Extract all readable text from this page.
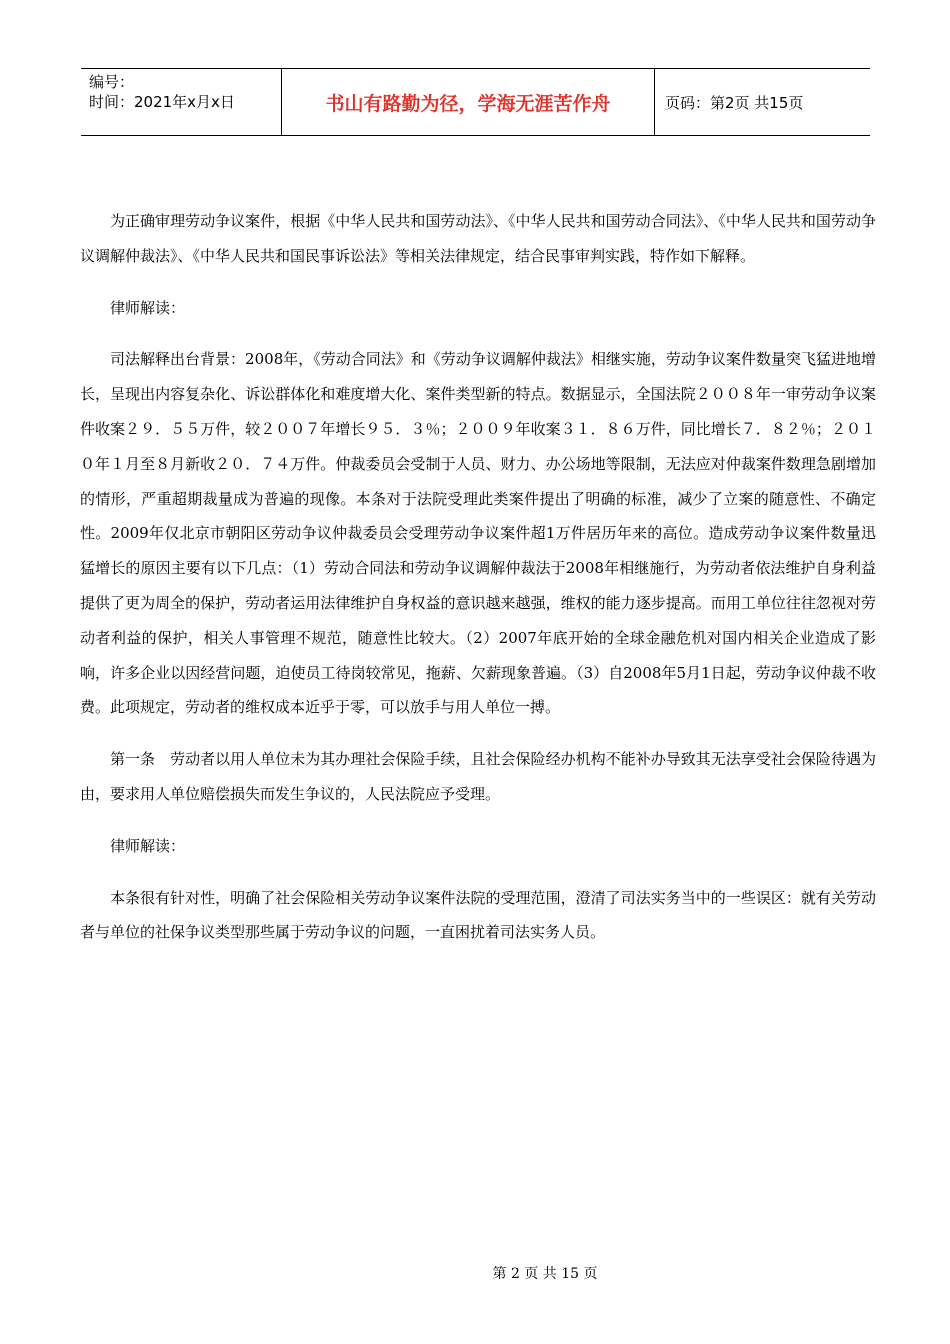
编号：
时间：2021年x月x日	书山有路勤为径，学海无涯苦作舟	页码：第2页 共15页

为正确审理劳动争议案件，根据《中华人民共和国劳动法》、《中华人民共和国劳动合同法》、《中华人民共和国劳动争议调解仲裁法》、《中华人民共和国民事诉讼法》等相关法律规定，结合民事审判实践，特作如下解释。

律师解读：

司法解释出台背景：2008年，《劳动合同法》和《劳动争议调解仲裁法》相继实施，劳动争议案件数量突飞猛进地增长，呈现出内容复杂化、诉讼群体化和难度增大化、案件类型新的特点。数据显示，全国法院２００８年一审劳动争议案件收案２９．５５万件，较２００７年增长９５．３％；２００９年收案３１．８６万件，同比增长７．８２％；２０１０年１月至８月新收２０．７４万件。仲裁委员会受制于人员、财力、办公场地等限制，无法应对仲裁案件数理急剧增加的情形，严重超期裁量成为普遍的现像。本条对于法院受理此类案件提出了明确的标准，减少了立案的随意性、不确定性。2009年仅北京市朝阳区劳动争议仲裁委员会受理劳动争议案件超1万件居历年来的高位。造成劳动争议案件数量迅猛增长的原因主要有以下几点：（1）劳动合同法和劳动争议调解仲裁法于2008年相继施行，为劳动者依法维护自身利益提供了更为周全的保护，劳动者运用法律维护自身权益的意识越来越强，维权的能力逐步提高。而用工单位往往忽视对劳动者利益的保护，相关人事管理不规范，随意性比较大。（2）2007年底开始的全球金融危机对国内相关企业造成了影响，许多企业以因经营问题，迫使员工待岗较常见，拖薪、欠薪现象普遍。（3）自2008年5月1日起，劳动争议仲裁不收费。此项规定，劳动者的维权成本近乎于零，可以放手与用人单位一搏。

第一条　劳动者以用人单位未为其办理社会保险手续，且社会保险经办机构不能补办导致其无法享受社会保险待遇为由，要求用人单位赔偿损失而发生争议的，人民法院应予受理。

律师解读：

本条很有针对性，明确了社会保险相关劳动争议案件法院的受理范围，澄清了司法实务当中的一些误区：就有关劳动者与单位的社保争议类型那些属于劳动争议的问题，一直困扰着司法实务人员。

第 2 页 共 15 页
